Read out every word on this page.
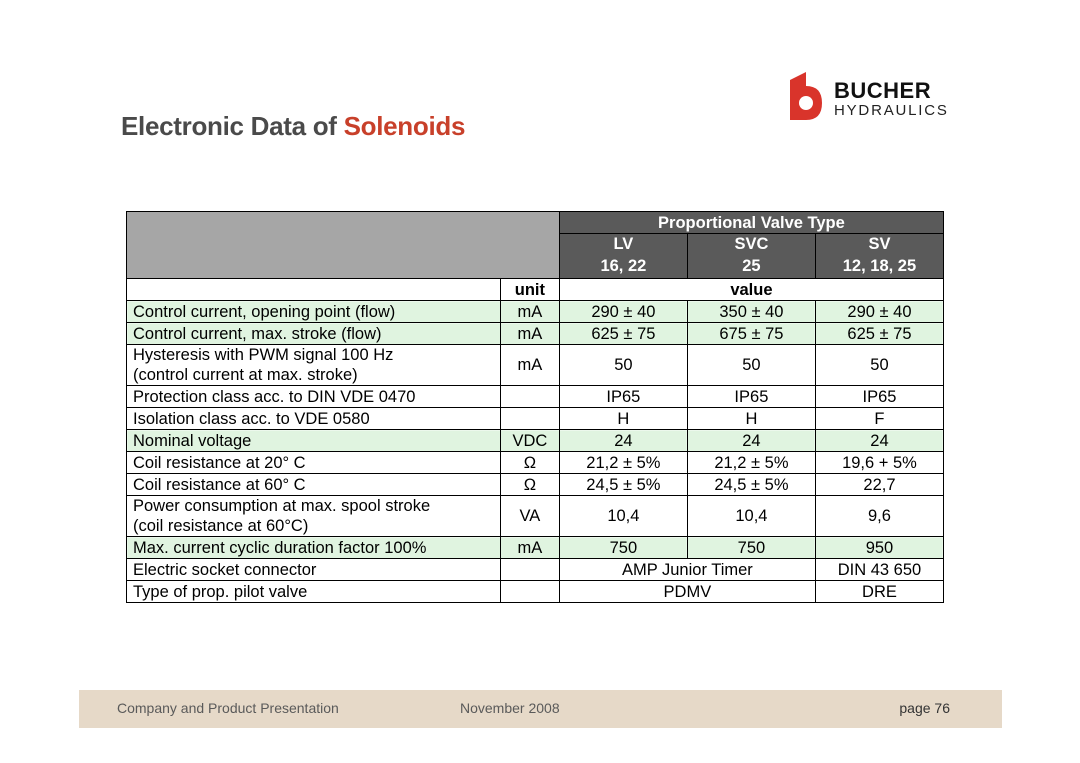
Electronic Data of Solenoids
BUCHER
HYDRAULICS
		Proportional Valve Type		
		LV	SVC	SV
		16, 22	25	12, 18, 25
	unit	value		
Control current, opening point (flow)	mA	290 ± 40	350 ± 40	290 ± 40
Control current, max. stroke (flow)	mA	625 ± 75	675 ± 75	625 ± 75

Hysteresis with PWM signal 100 Hz
(control current at max. stroke)	mA	50	50	50
Protection class acc. to DIN VDE 0470		IP65	IP65	IP65
Isolation class acc. to VDE 0580		H	H	F
Nominal voltage	VDC	24	24	24
Coil resistance at 20° C	Ω	21,2 ± 5%	21,2 ± 5%	19,6 + 5%
Coil resistance at 60° C	Ω	24,5 ± 5%	24,5 ± 5%	22,7

Power consumption at max. spool stroke
(coil resistance at 60°C)	VA	10,4	10,4	9,6
Max. current cyclic duration factor 100%	mA	750	750	950
Electric socket connector		AMP Junior Timer		DIN 43 650
Type of prop. pilot valve		PDMV		DRE
Company and Product Presentation	November 2008	page 76
